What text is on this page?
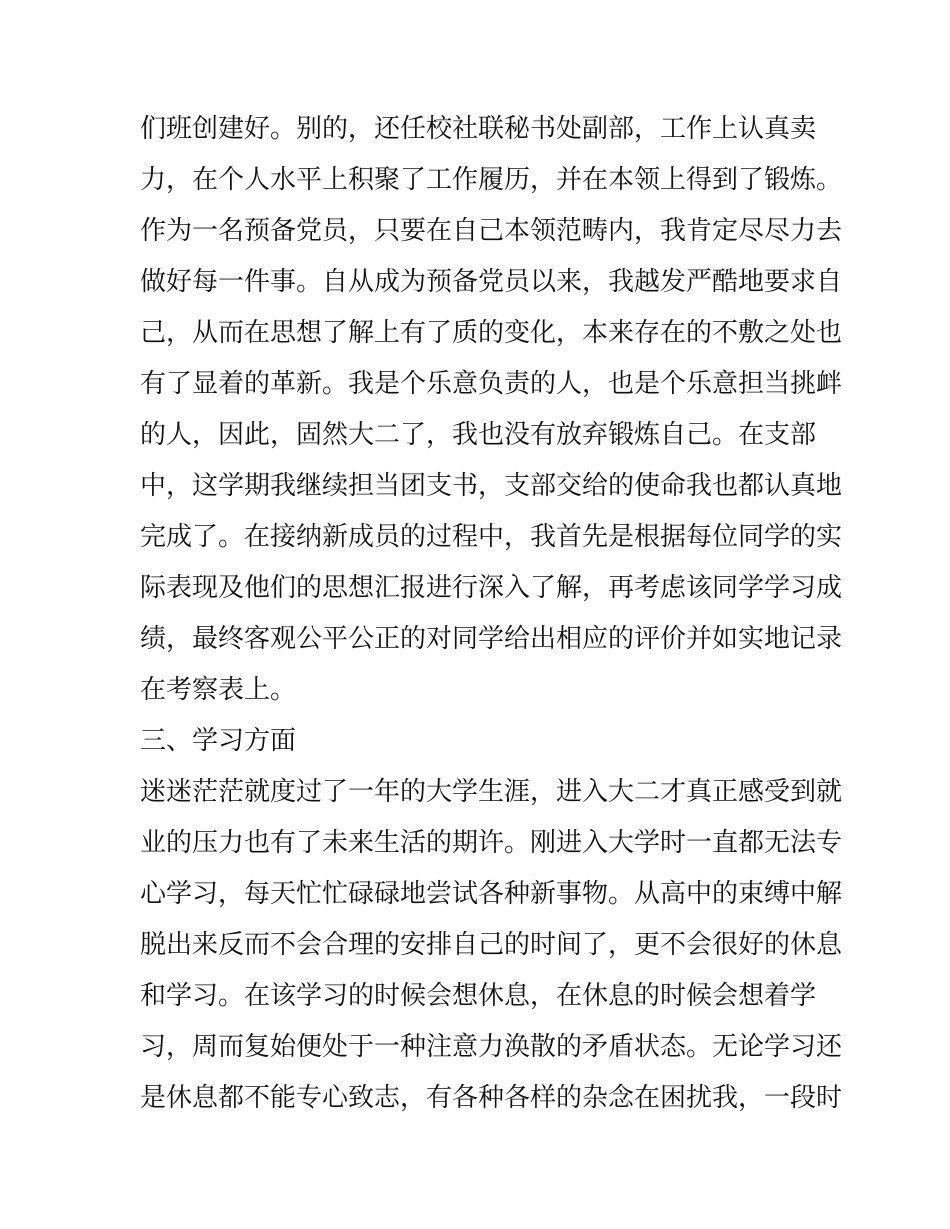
们班创建好。别的，还任校社联秘书处副部，工作上认真卖
力，在个人水平上积聚了工作履历，并在本领上得到了锻炼。
作为一名预备党员，只要在自己本领范畴内，我肯定尽尽力去
做好每一件事。自从成为预备党员以来，我越发严酷地要求自
己，从而在思想了解上有了质的变化，本来存在的不敷之处也
有了显着的革新。我是个乐意负责的人，也是个乐意担当挑衅
的人，因此，固然大二了，我也没有放弃锻炼自己。在支部
中，这学期我继续担当团支书，支部交给的使命我也都认真地
完成了。在接纳新成员的过程中，我首先是根据每位同学的实
际表现及他们的思想汇报进行深入了解，再考虑该同学学习成
绩，最终客观公平公正的对同学给出相应的评价并如实地记录
在考察表上。
三、学习方面
迷迷茫茫就度过了一年的大学生涯，进入大二才真正感受到就
业的压力也有了未来生活的期许。刚进入大学时一直都无法专
心学习，每天忙忙碌碌地尝试各种新事物。从高中的束缚中解
脱出来反而不会合理的安排自己的时间了，更不会很好的休息
和学习。在该学习的时候会想休息，在休息的时候会想着学
习，周而复始便处于一种注意力涣散的矛盾状态。无论学习还
是休息都不能专心致志，有各种各样的杂念在困扰我，一段时
